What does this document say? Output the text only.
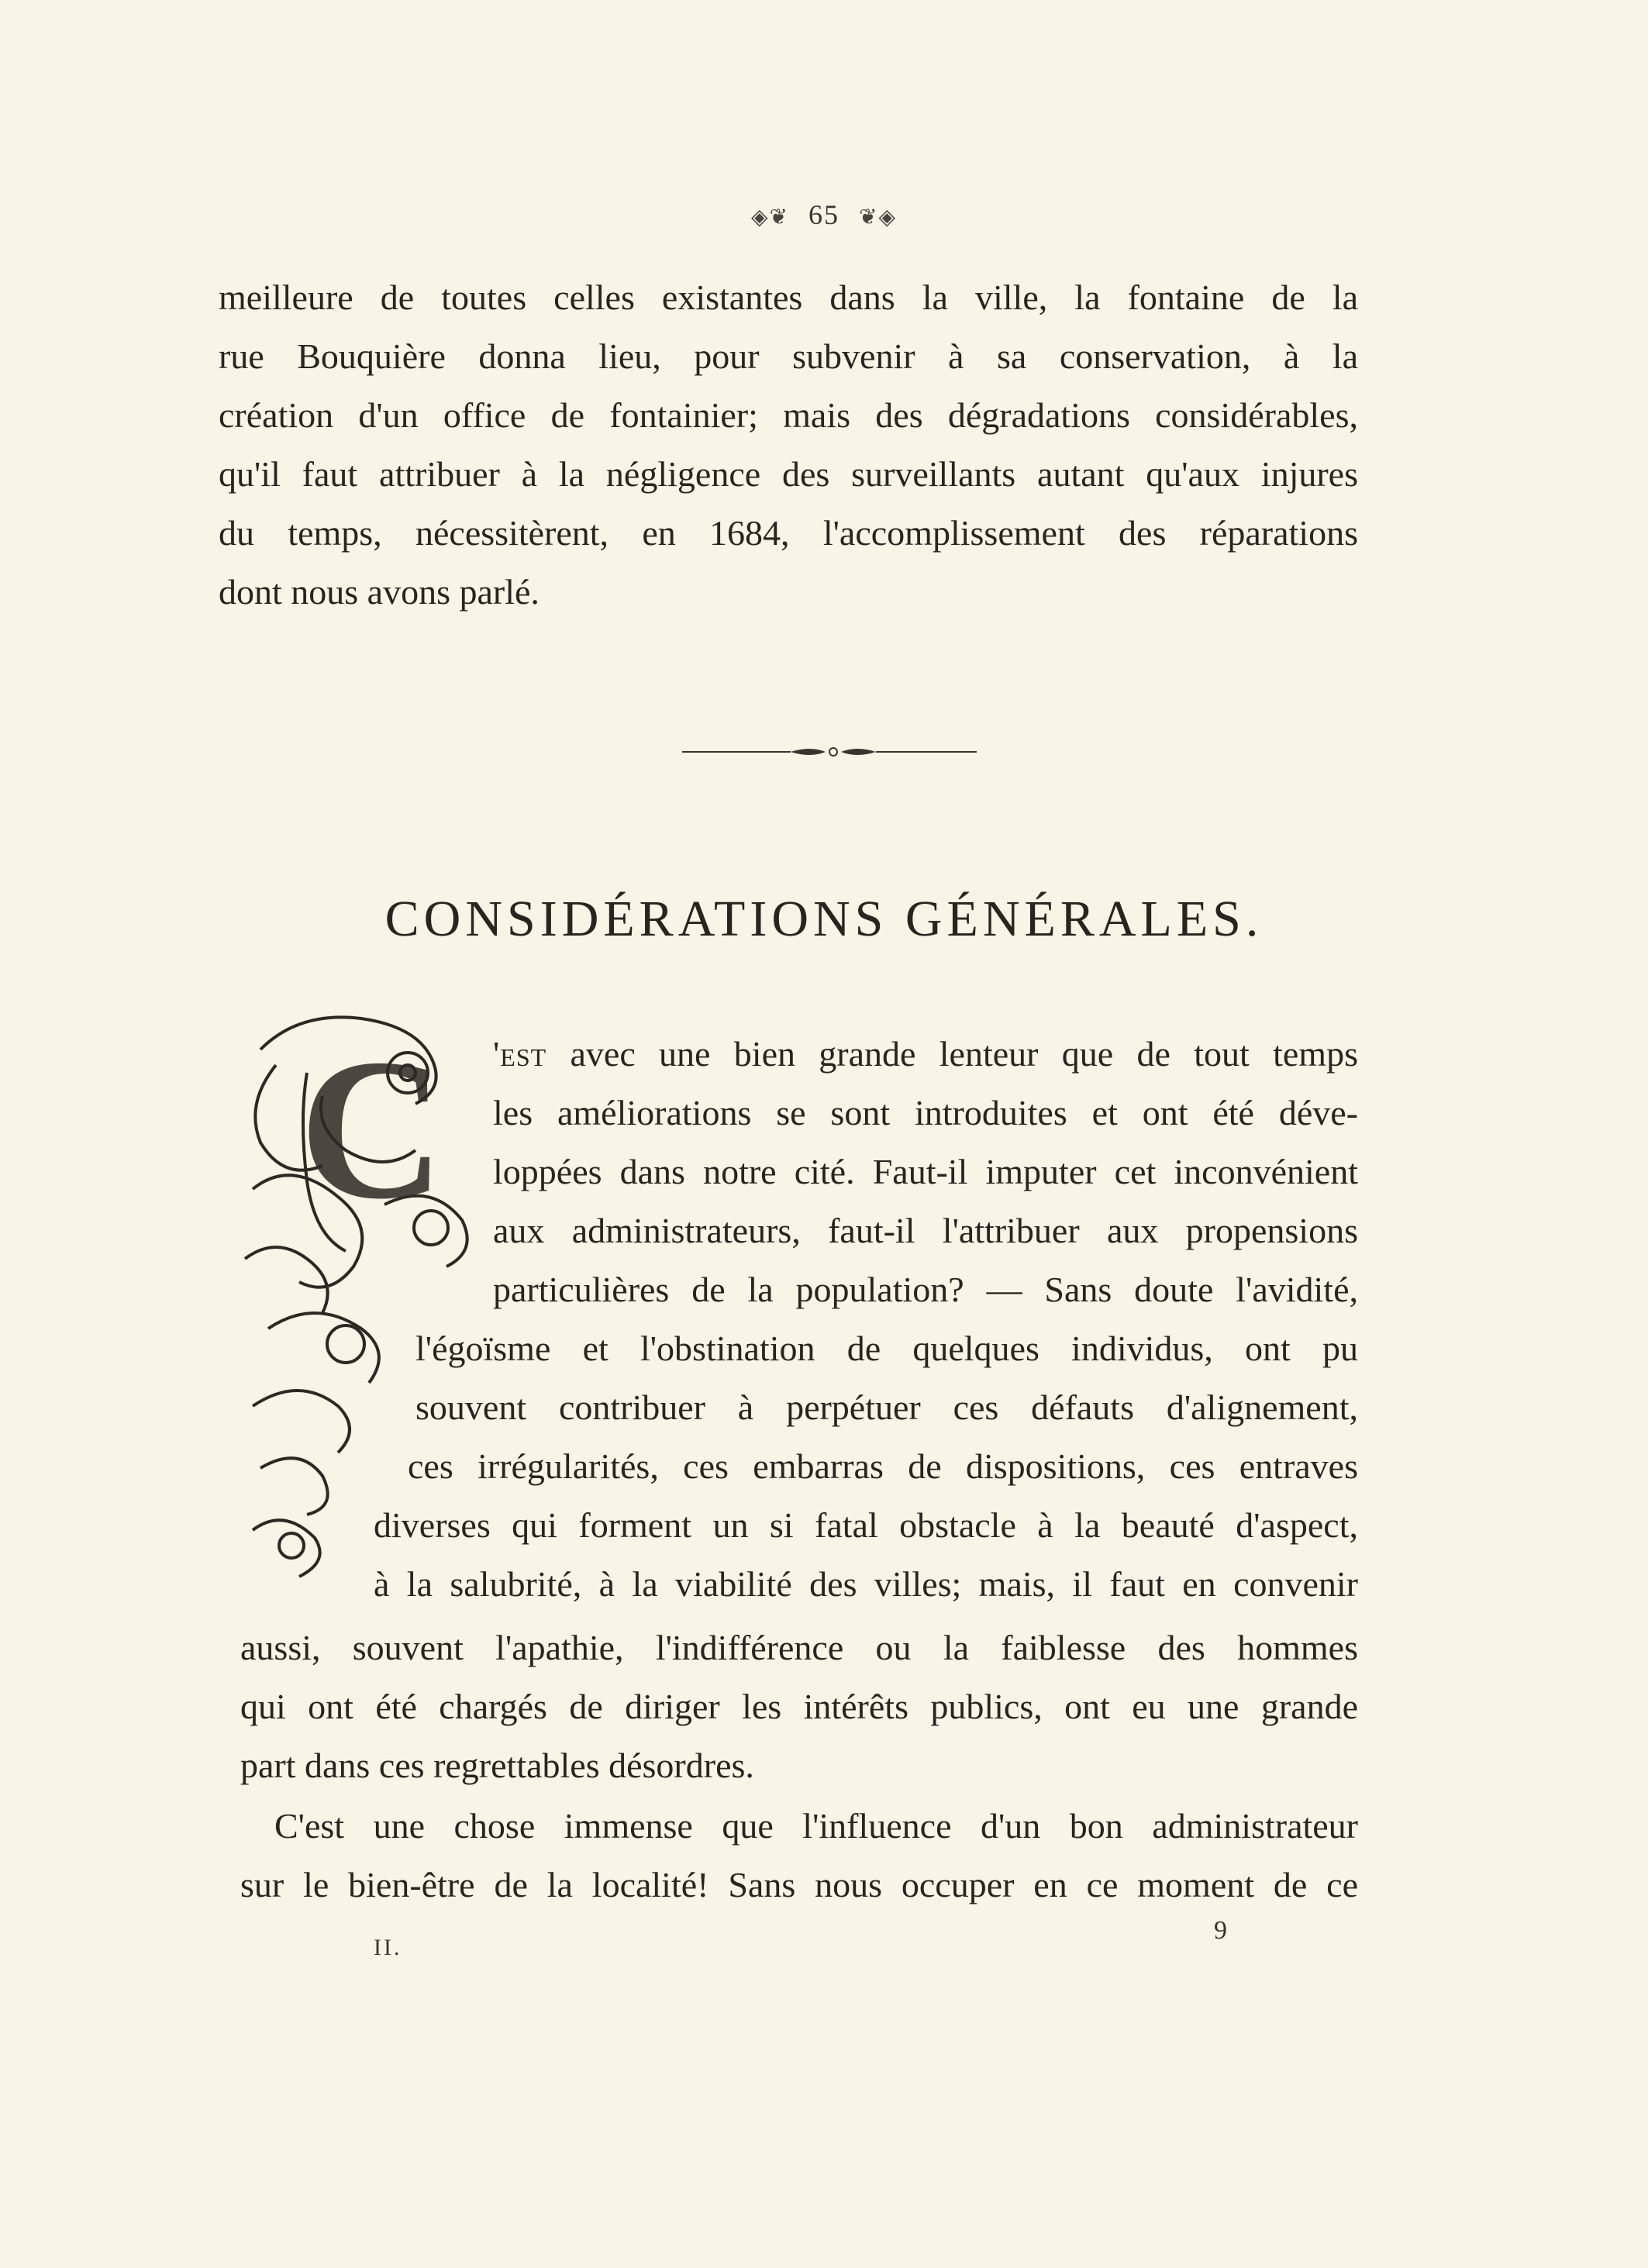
◈❦ 65 ❦◈
meilleure de toutes celles existantes dans la ville, la fontaine de la
rue Bouquière donna lieu, pour subvenir à sa conservation, à la
création d'un office de fontainier; mais des dégradations considérables,
qu'il faut attribuer à la négligence des surveillants autant qu'aux injures
du temps, nécessitèrent, en 1684, l'accomplissement des réparations
dont nous avons parlé.
CONSIDÉRATIONS GÉNÉRALES.
C 'est avec une bien grande lenteur que de tout temps
les améliorations se sont introduites et ont été déve-
loppées dans notre cité. Faut-il imputer cet inconvénient
aux administrateurs, faut-il l'attribuer aux propensions
particulières de la population? — Sans doute l'avidité,
l'égoïsme et l'obstination de quelques individus, ont pu
souvent contribuer à perpétuer ces défauts d'alignement,
ces irrégularités, ces embarras de dispositions, ces entraves
diverses qui forment un si fatal obstacle à la beauté d'aspect,
à la salubrité, à la viabilité des villes; mais, il faut en convenir
aussi, souvent l'apathie, l'indifférence ou la faiblesse des hommes
qui ont été chargés de diriger les intérêts publics, ont eu une grande
part dans ces regrettables désordres.
C'est une chose immense que l'influence d'un bon administrateur
sur le bien-être de la localité! Sans nous occuper en ce moment de ce
II.
9
